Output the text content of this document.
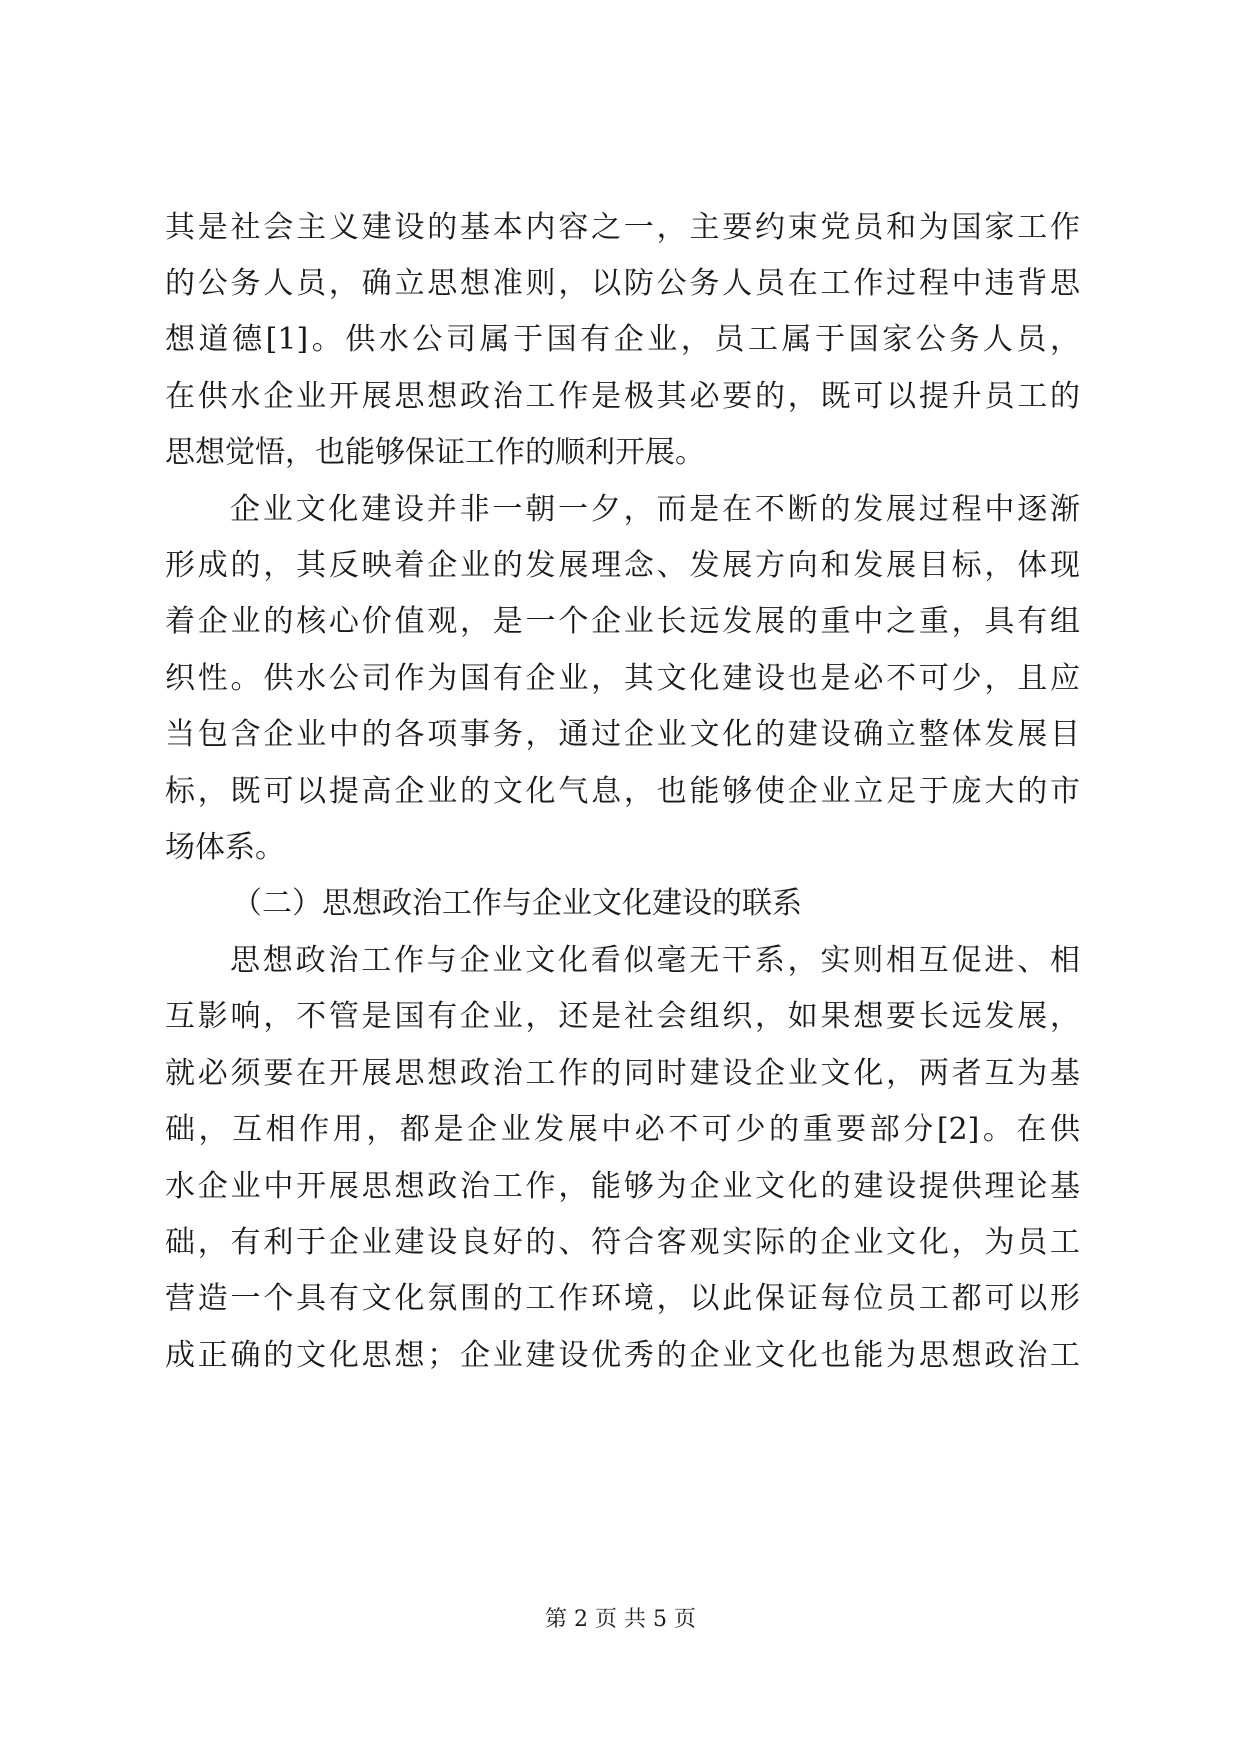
其是社会主义建设的基本内容之一，主要约束党员和为国家工作
的公务人员，确立思想准则，以防公务人员在工作过程中违背思
想道德[1]。供水公司属于国有企业，员工属于国家公务人员，
在供水企业开展思想政治工作是极其必要的，既可以提升员工的
思想觉悟，也能够保证工作的顺利开展。
企业文化建设并非一朝一夕，而是在不断的发展过程中逐渐
形成的，其反映着企业的发展理念、发展方向和发展目标，体现
着企业的核心价值观，是一个企业长远发展的重中之重，具有组
织性。供水公司作为国有企业，其文化建设也是必不可少，且应
当包含企业中的各项事务，通过企业文化的建设确立整体发展目
标，既可以提高企业的文化气息，也能够使企业立足于庞大的市
场体系。
（二）思想政治工作与企业文化建设的联系
思想政治工作与企业文化看似毫无干系，实则相互促进、相
互影响，不管是国有企业，还是社会组织，如果想要长远发展，
就必须要在开展思想政治工作的同时建设企业文化，两者互为基
础，互相作用，都是企业发展中必不可少的重要部分[2]。在供
水企业中开展思想政治工作，能够为企业文化的建设提供理论基
础，有利于企业建设良好的、符合客观实际的企业文化，为员工
营造一个具有文化氛围的工作环境，以此保证每位员工都可以形
成正确的文化思想；企业建设优秀的企业文化也能为思想政治工
第 2 页 共 5 页
